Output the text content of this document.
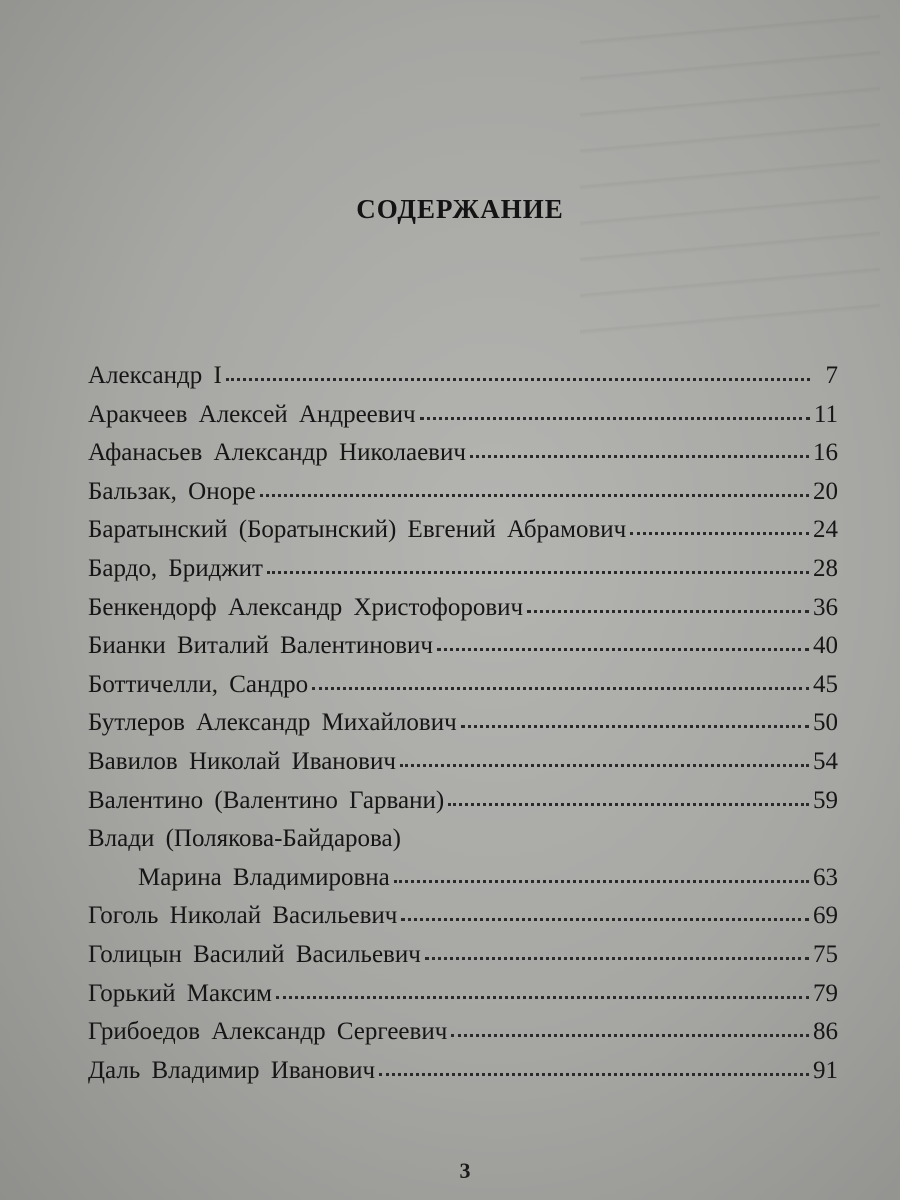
СОДЕРЖАНИЕ
Александр I	7
Аракчеев Алексей Андреевич	11
Афанасьев Александр Николаевич	16
Бальзак, Оноре	20
Баратынский (Боратынский) Евгений Абрамович	24
Бардо, Бриджит	28
Бенкендорф Александр Христофорович	36
Бианки Виталий Валентинович	40
Боттичелли, Сандро	45
Бутлеров Александр Михайлович	50
Вавилов Николай Иванович	54
Валентино (Валентино Гарвани)	59
Влади (Полякова-Байдарова)
Марина Владимировна	63
Гоголь Николай Васильевич	69
Голицын Василий Васильевич	75
Горький Максим	79
Грибоедов Александр Сергеевич	86
Даль Владимир Иванович	91
3
